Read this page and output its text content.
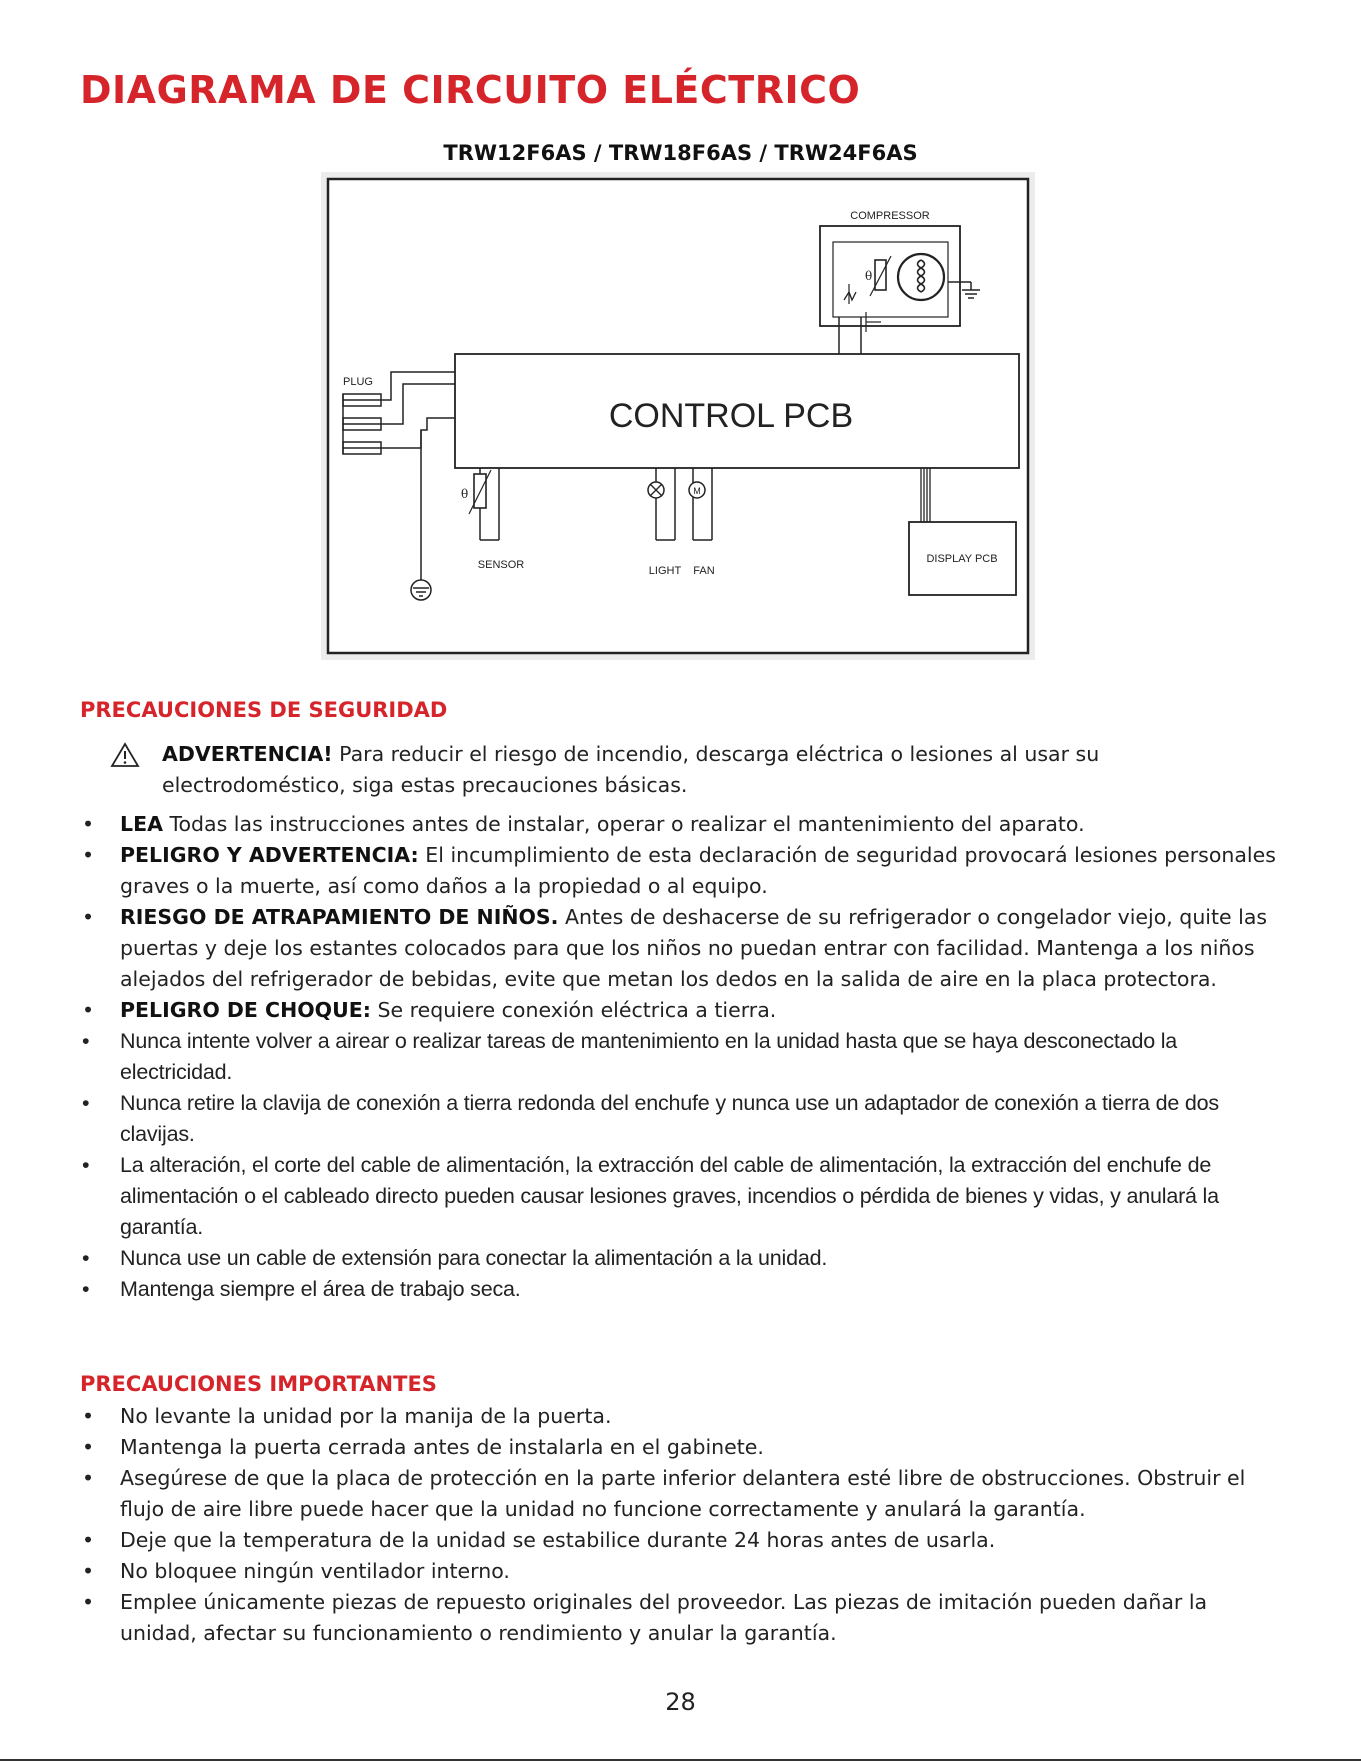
DIAGRAMA DE CIRCUITO ELÉCTRICO
TRW12F6AS / TRW18F6AS / TRW24F6AS
COMPRESSOR
θ
CONTROL PCB
PLUG
θ
SENSOR	LIGHT
M
FAN
DISPLAY PCB
PRECAUCIONES DE SEGURIDAD
ADVERTENCIA! Para reducir el riesgo de incendio, descarga eléctrica o lesiones al usar su electrodoméstico, siga estas precauciones básicas.
• LEA Todas las instrucciones antes de instalar, operar o realizar el mantenimiento del aparato.
• PELIGRO Y ADVERTENCIA: El incumplimiento de esta declaración de seguridad provocará lesiones personales graves o la muerte, así como daños a la propiedad o al equipo.
• RIESGO DE ATRAPAMIENTO DE NIÑOS. Antes de deshacerse de su refrigerador o congelador viejo, quite las puertas y deje los estantes colocados para que los niños no puedan entrar con facilidad. Mantenga a los niños alejados del refrigerador de bebidas, evite que metan los dedos en la salida de aire en la placa protectora.
• PELIGRO DE CHOQUE: Se requiere conexión eléctrica a tierra.
• Nunca intente volver a airear o realizar tareas de mantenimiento en la unidad hasta que se haya desconectado la electricidad.
• Nunca retire la clavija de conexión a tierra redonda del enchufe y nunca use un adaptador de conexión a tierra de dos clavijas.
• La alteración, el corte del cable de alimentación, la extracción del cable de alimentación, la extracción del enchufe de alimentación o el cableado directo pueden causar lesiones graves, incendios o pérdida de bienes y vidas, y anulará la garantía.
• Nunca use un cable de extensión para conectar la alimentación a la unidad.
• Mantenga siempre el área de trabajo seca.
PRECAUCIONES IMPORTANTES
• No levante la unidad por la manija de la puerta.
• Mantenga la puerta cerrada antes de instalarla en el gabinete.
• Asegúrese de que la placa de protección en la parte inferior delantera esté libre de obstrucciones. Obstruir el flujo de aire libre puede hacer que la unidad no funcione correctamente y anulará la garantía.
• Deje que la temperatura de la unidad se estabilice durante 24 horas antes de usarla.
• No bloquee ningún ventilador interno.
• Emplee únicamente piezas de repuesto originales del proveedor. Las piezas de imitación pueden dañar la unidad, afectar su funcionamiento o rendimiento y anular la garantía.
28
